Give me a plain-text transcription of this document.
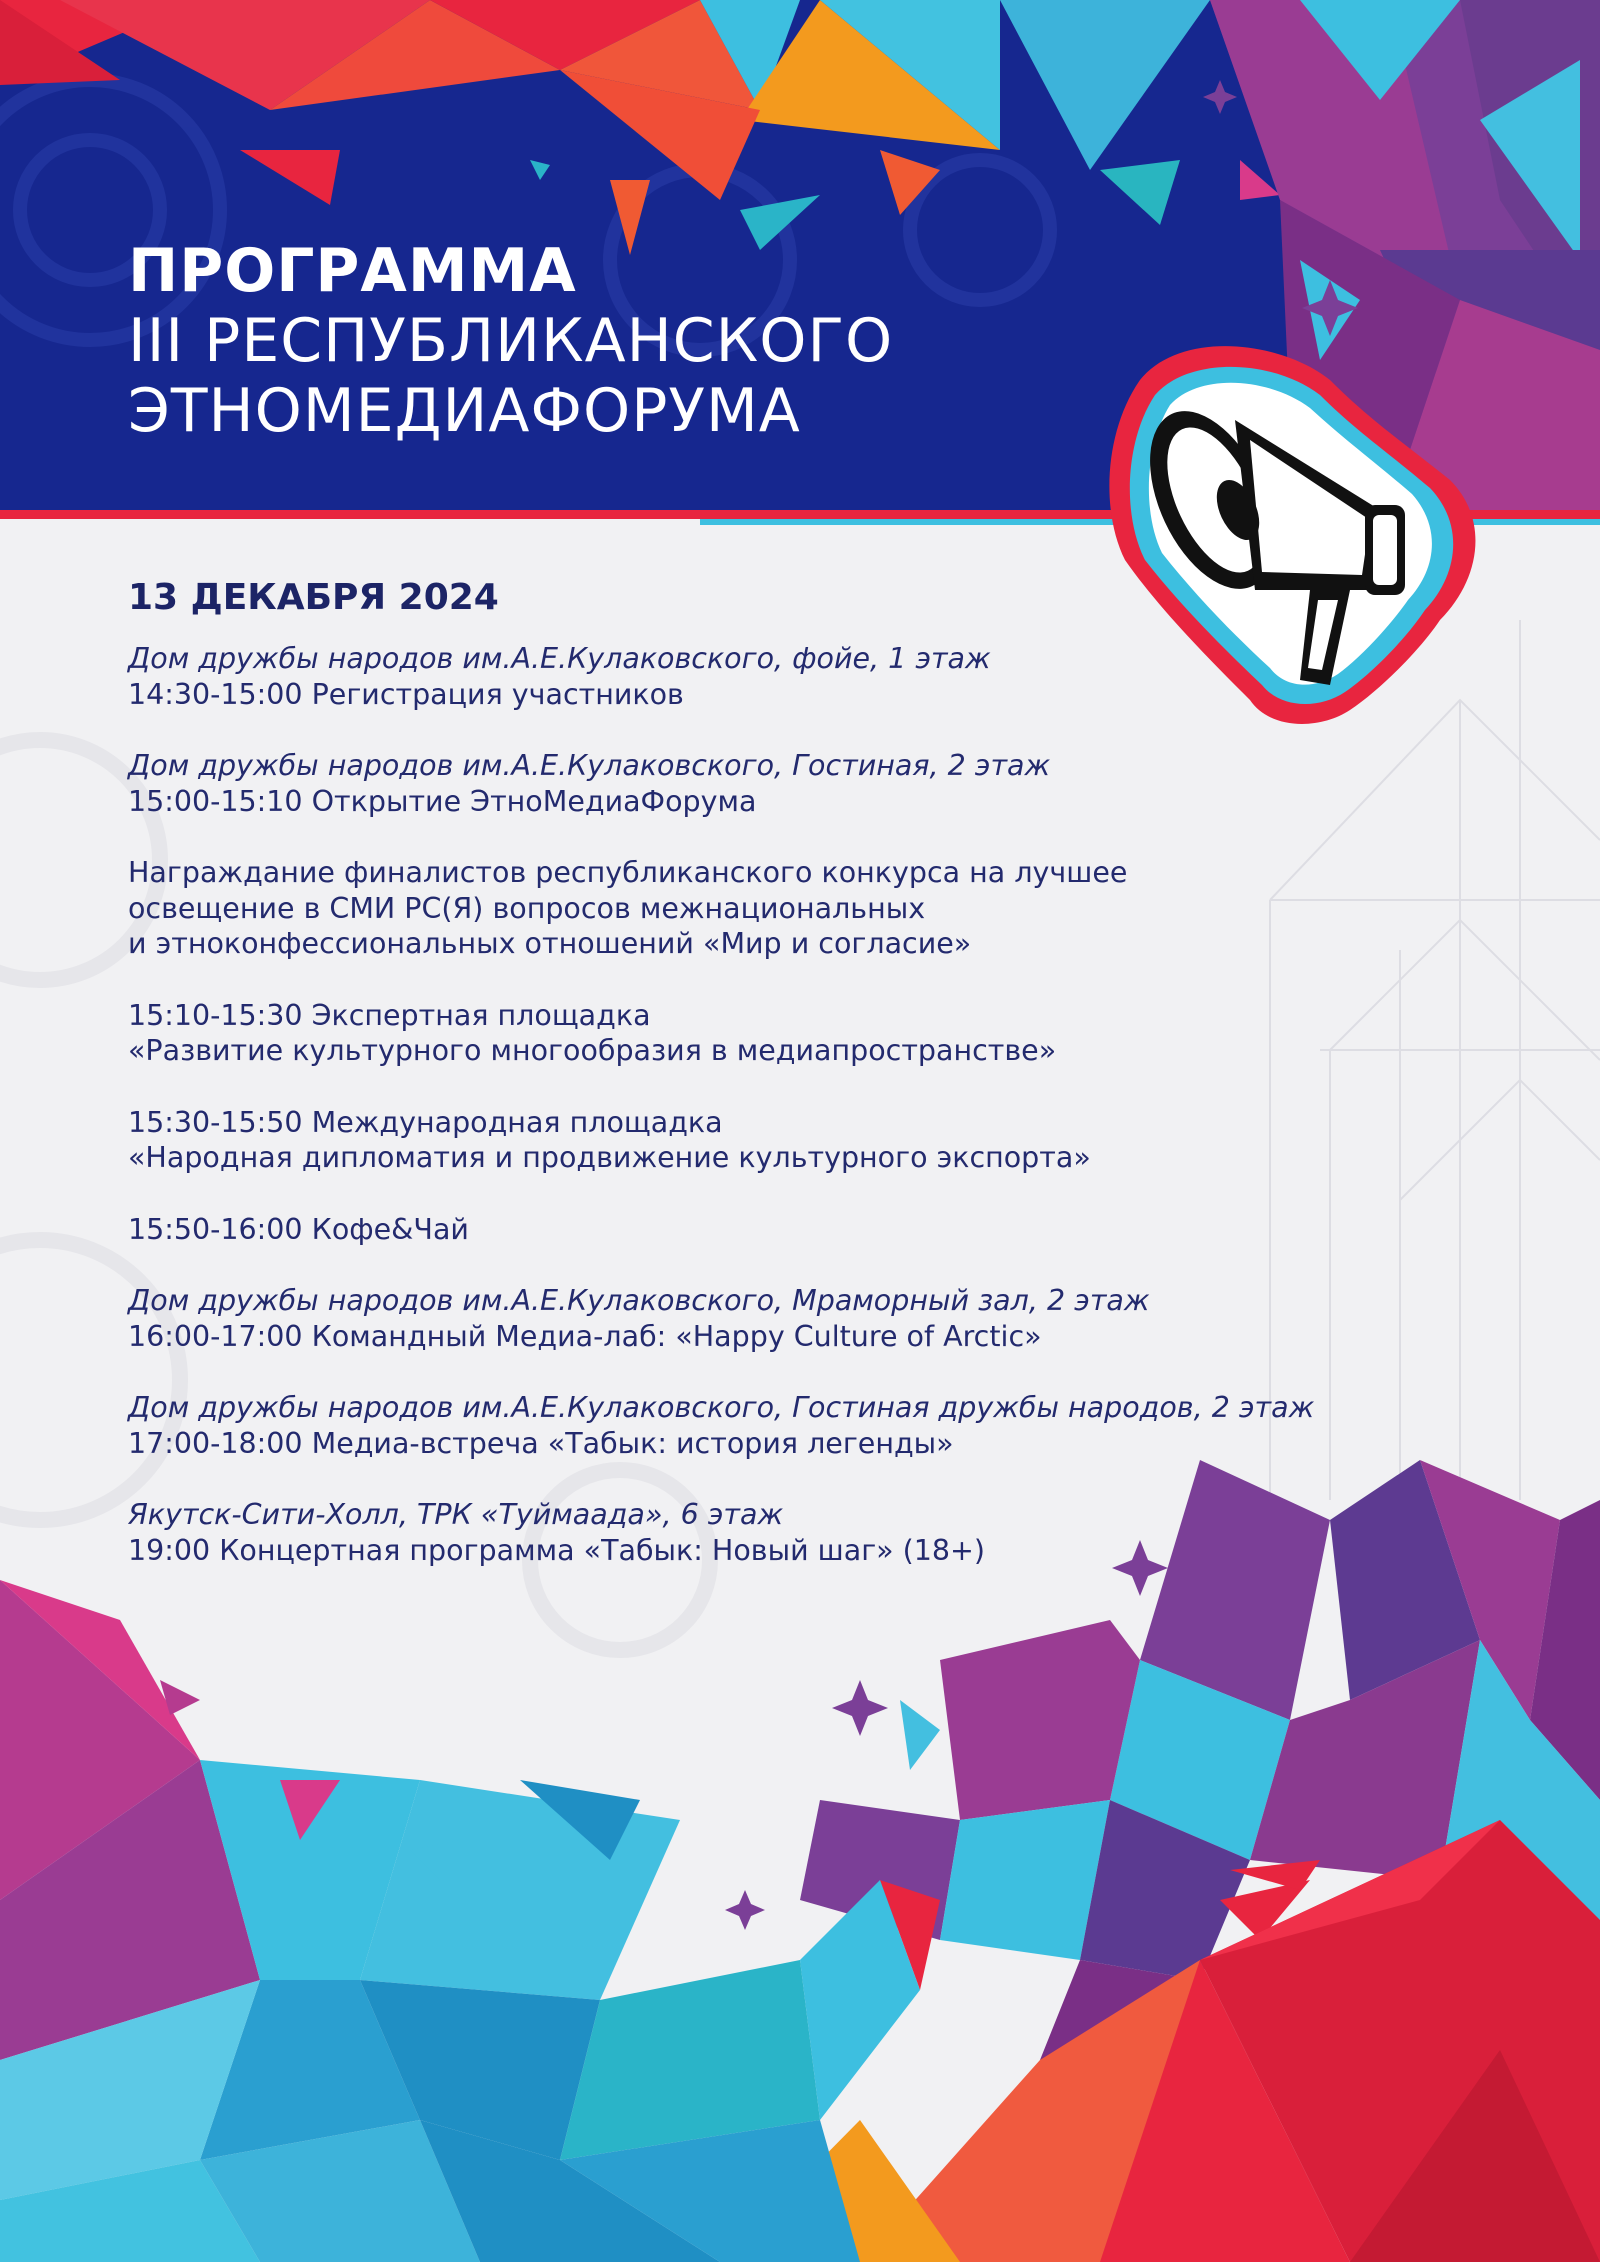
ПРОГРАММА
III РЕСПУБЛИКАНСКОГО
ЭТНОМЕДИАФОРУМА
13 ДЕКАБРЯ 2024
Дом дружбы народов им.А.Е.Кулаковского, фойе, 1 этаж
14:30-15:00 Регистрация участников
Дом дружбы народов им.А.Е.Кулаковского, Гостиная, 2 этаж
15:00-15:10 Открытие ЭтноМедиаФорума
Награждание финалистов республиканского конкурса на лучшее
освещение в СМИ РС(Я) вопросов межнациональных
и этноконфессиональных отношений «Мир и согласие»
15:10-15:30 Экспертная площадка
«Развитие культурного многообразия в медиапространстве»
15:30-15:50 Международная площадка
«Народная дипломатия и продвижение культурного экспорта»
15:50-16:00 Кофе&Чай
Дом дружбы народов им.А.Е.Кулаковского, Мраморный зал, 2 этаж
16:00-17:00 Командный Медиа-лаб: «Happy Culture of Arctic»
Дом дружбы народов им.А.Е.Кулаковского, Гостиная дружбы народов, 2 этаж
17:00-18:00 Медиа-встреча «Табык: история легенды»
Якутск-Сити-Холл, ТРК «Туймаада», 6 этаж
19:00 Концертная программа «Табык: Новый шаг» (18+)
